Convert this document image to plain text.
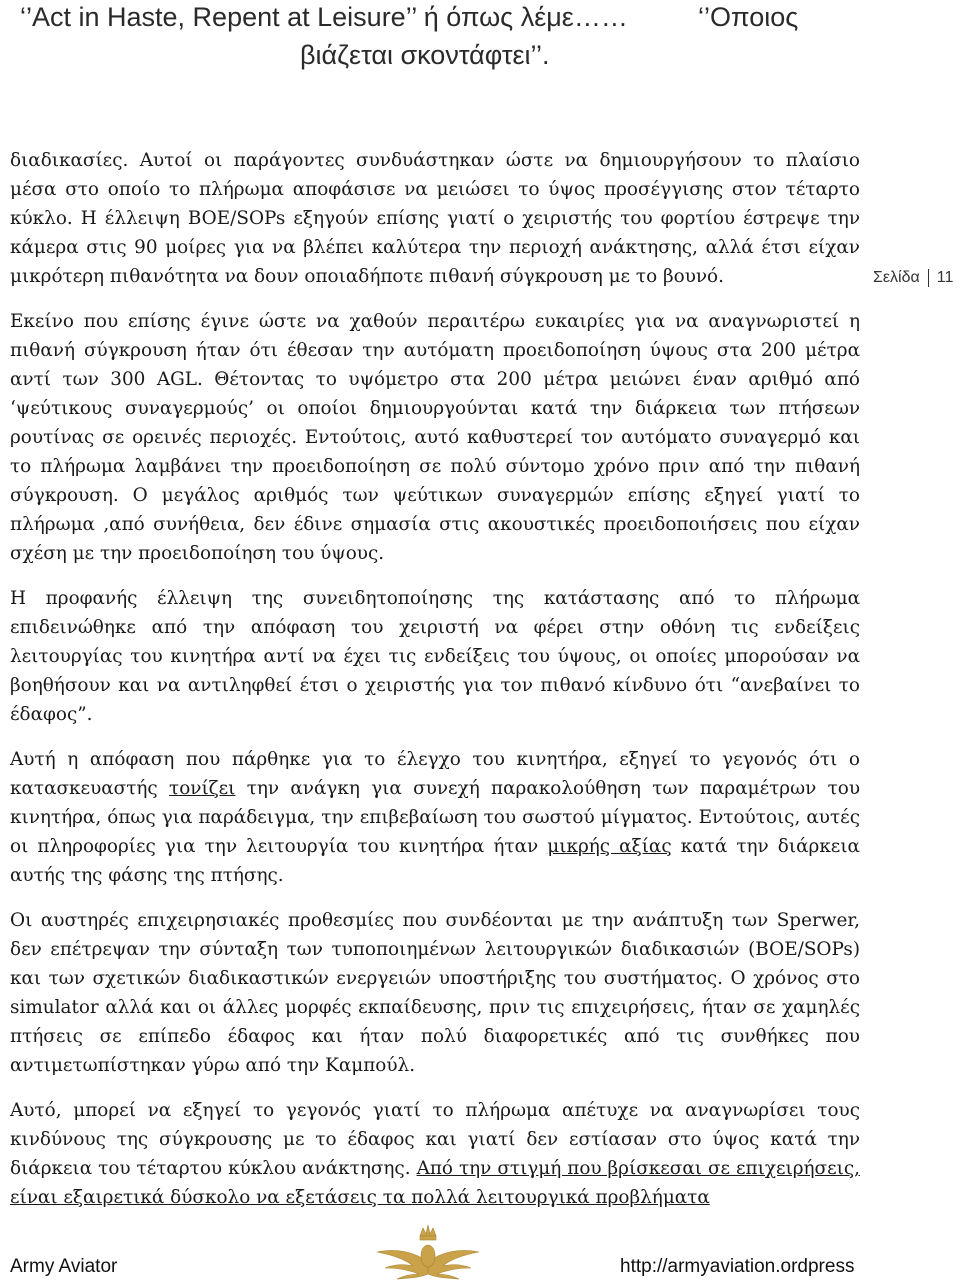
‘’Act in Haste, Repent at Leisure’’ ή όπως λέμε……	‘’Οποιος
βιάζεται σκοντάφτει’’.

διαδικασίες. Αυτοί οι παράγοντες συνδυάστηκαν ώστε να δημιουργήσουν το πλαίσιο μέσα στο οποίο το πλήρωμα αποφάσισε να μειώσει το ύψος προσέγγισης στον τέταρτο κύκλο. Η έλλειψη BOE/SOPs εξηγούν επίσης γιατί ο χειριστής του φορτίου έστρεψε την κάμερα στις 90 μοίρες για να βλέπει καλύτερα την περιοχή ανάκτησης, αλλά έτσι είχαν μικρότερη πιθανότητα να δουν οποιαδήποτε πιθανή σύγκρουση με το βουνό.

Εκείνο που επίσης έγινε ώστε να χαθούν περαιτέρω ευκαιρίες για να αναγνωριστεί η πιθανή σύγκρουση ήταν ότι έθεσαν την αυτόματη προειδοποίηση ύψους στα 200 μέτρα αντί των 300 AGL. Θέτοντας το υψόμετρο στα 200 μέτρα μειώνει έναν αριθμό από ‘ψεύτικους συναγερμούς’ οι οποίοι δημιουργούνται κατά την διάρκεια των πτήσεων ρουτίνας σε ορεινές περιοχές. Εντούτοις, αυτό καθυστερεί τον αυτόματο συναγερμό και το πλήρωμα λαμβάνει την προειδοποίηση σε πολύ σύντομο χρόνο πριν από την πιθανή σύγκρουση. Ο μεγάλος αριθμός των ψεύτικων συναγερμών επίσης εξηγεί γιατί το πλήρωμα ,από συνήθεια, δεν έδινε σημασία στις ακουστικές προειδοποιήσεις που είχαν σχέση με την προειδοποίηση του ύψους.

Η προφανής έλλειψη της συνειδητοποίησης της κατάστασης από το πλήρωμα επιδεινώθηκε από την απόφαση του χειριστή να φέρει στην οθόνη τις ενδείξεις λειτουργίας του κινητήρα αντί να έχει τις ενδείξεις του ύψους, οι οποίες μπορούσαν να βοηθήσουν και να αντιληφθεί έτσι ο χειριστής για τον πιθανό κίνδυνο ότι “ανεβαίνει το έδαφος”.

Αυτή η απόφαση που πάρθηκε για το έλεγχο του κινητήρα, εξηγεί το γεγονός ότι ο κατασκευαστής τονίζει την ανάγκη για συνεχή παρακολούθηση των παραμέτρων του κινητήρα, όπως για παράδειγμα, την επιβεβαίωση του σωστού μίγματος. Εντούτοις, αυτές οι πληροφορίες για την λειτουργία του κινητήρα ήταν μικρής αξίας κατά την διάρκεια αυτής της φάσης της πτήσης.

Οι αυστηρές επιχειρησιακές προθεσμίες που συνδέονται με την ανάπτυξη των Sperwer, δεν επέτρεψαν την σύνταξη των τυποποιημένων λειτουργικών διαδικασιών (BOE/SOPs) και των σχετικών διαδικαστικών ενεργειών υποστήριξης του συστήματος. Ο χρόνος στο simulator αλλά και οι άλλες μορφές εκπαίδευσης, πριν τις επιχειρήσεις, ήταν σε χαμηλές πτήσεις σε επίπεδο έδαφος και ήταν πολύ διαφορετικές από τις συνθήκες που αντιμετωπίστηκαν γύρω από την Καμπούλ.

Αυτό, μπορεί να εξηγεί το γεγονός γιατί το πλήρωμα απέτυχε να αναγνωρίσει τους κινδύνους της σύγκρουσης με το έδαφος και γιατί δεν εστίασαν στο ύψος κατά την διάρκεια του τέταρτου κύκλου ανάκτησης. Από την στιγμή που βρίσκεσαι σε επιχειρήσεις, είναι εξαιρετικά δύσκολο να εξετάσεις τα πολλά λειτουργικά προβλήματα

Σελίδα 11
Army Aviator	http://armyaviation.ordpress
